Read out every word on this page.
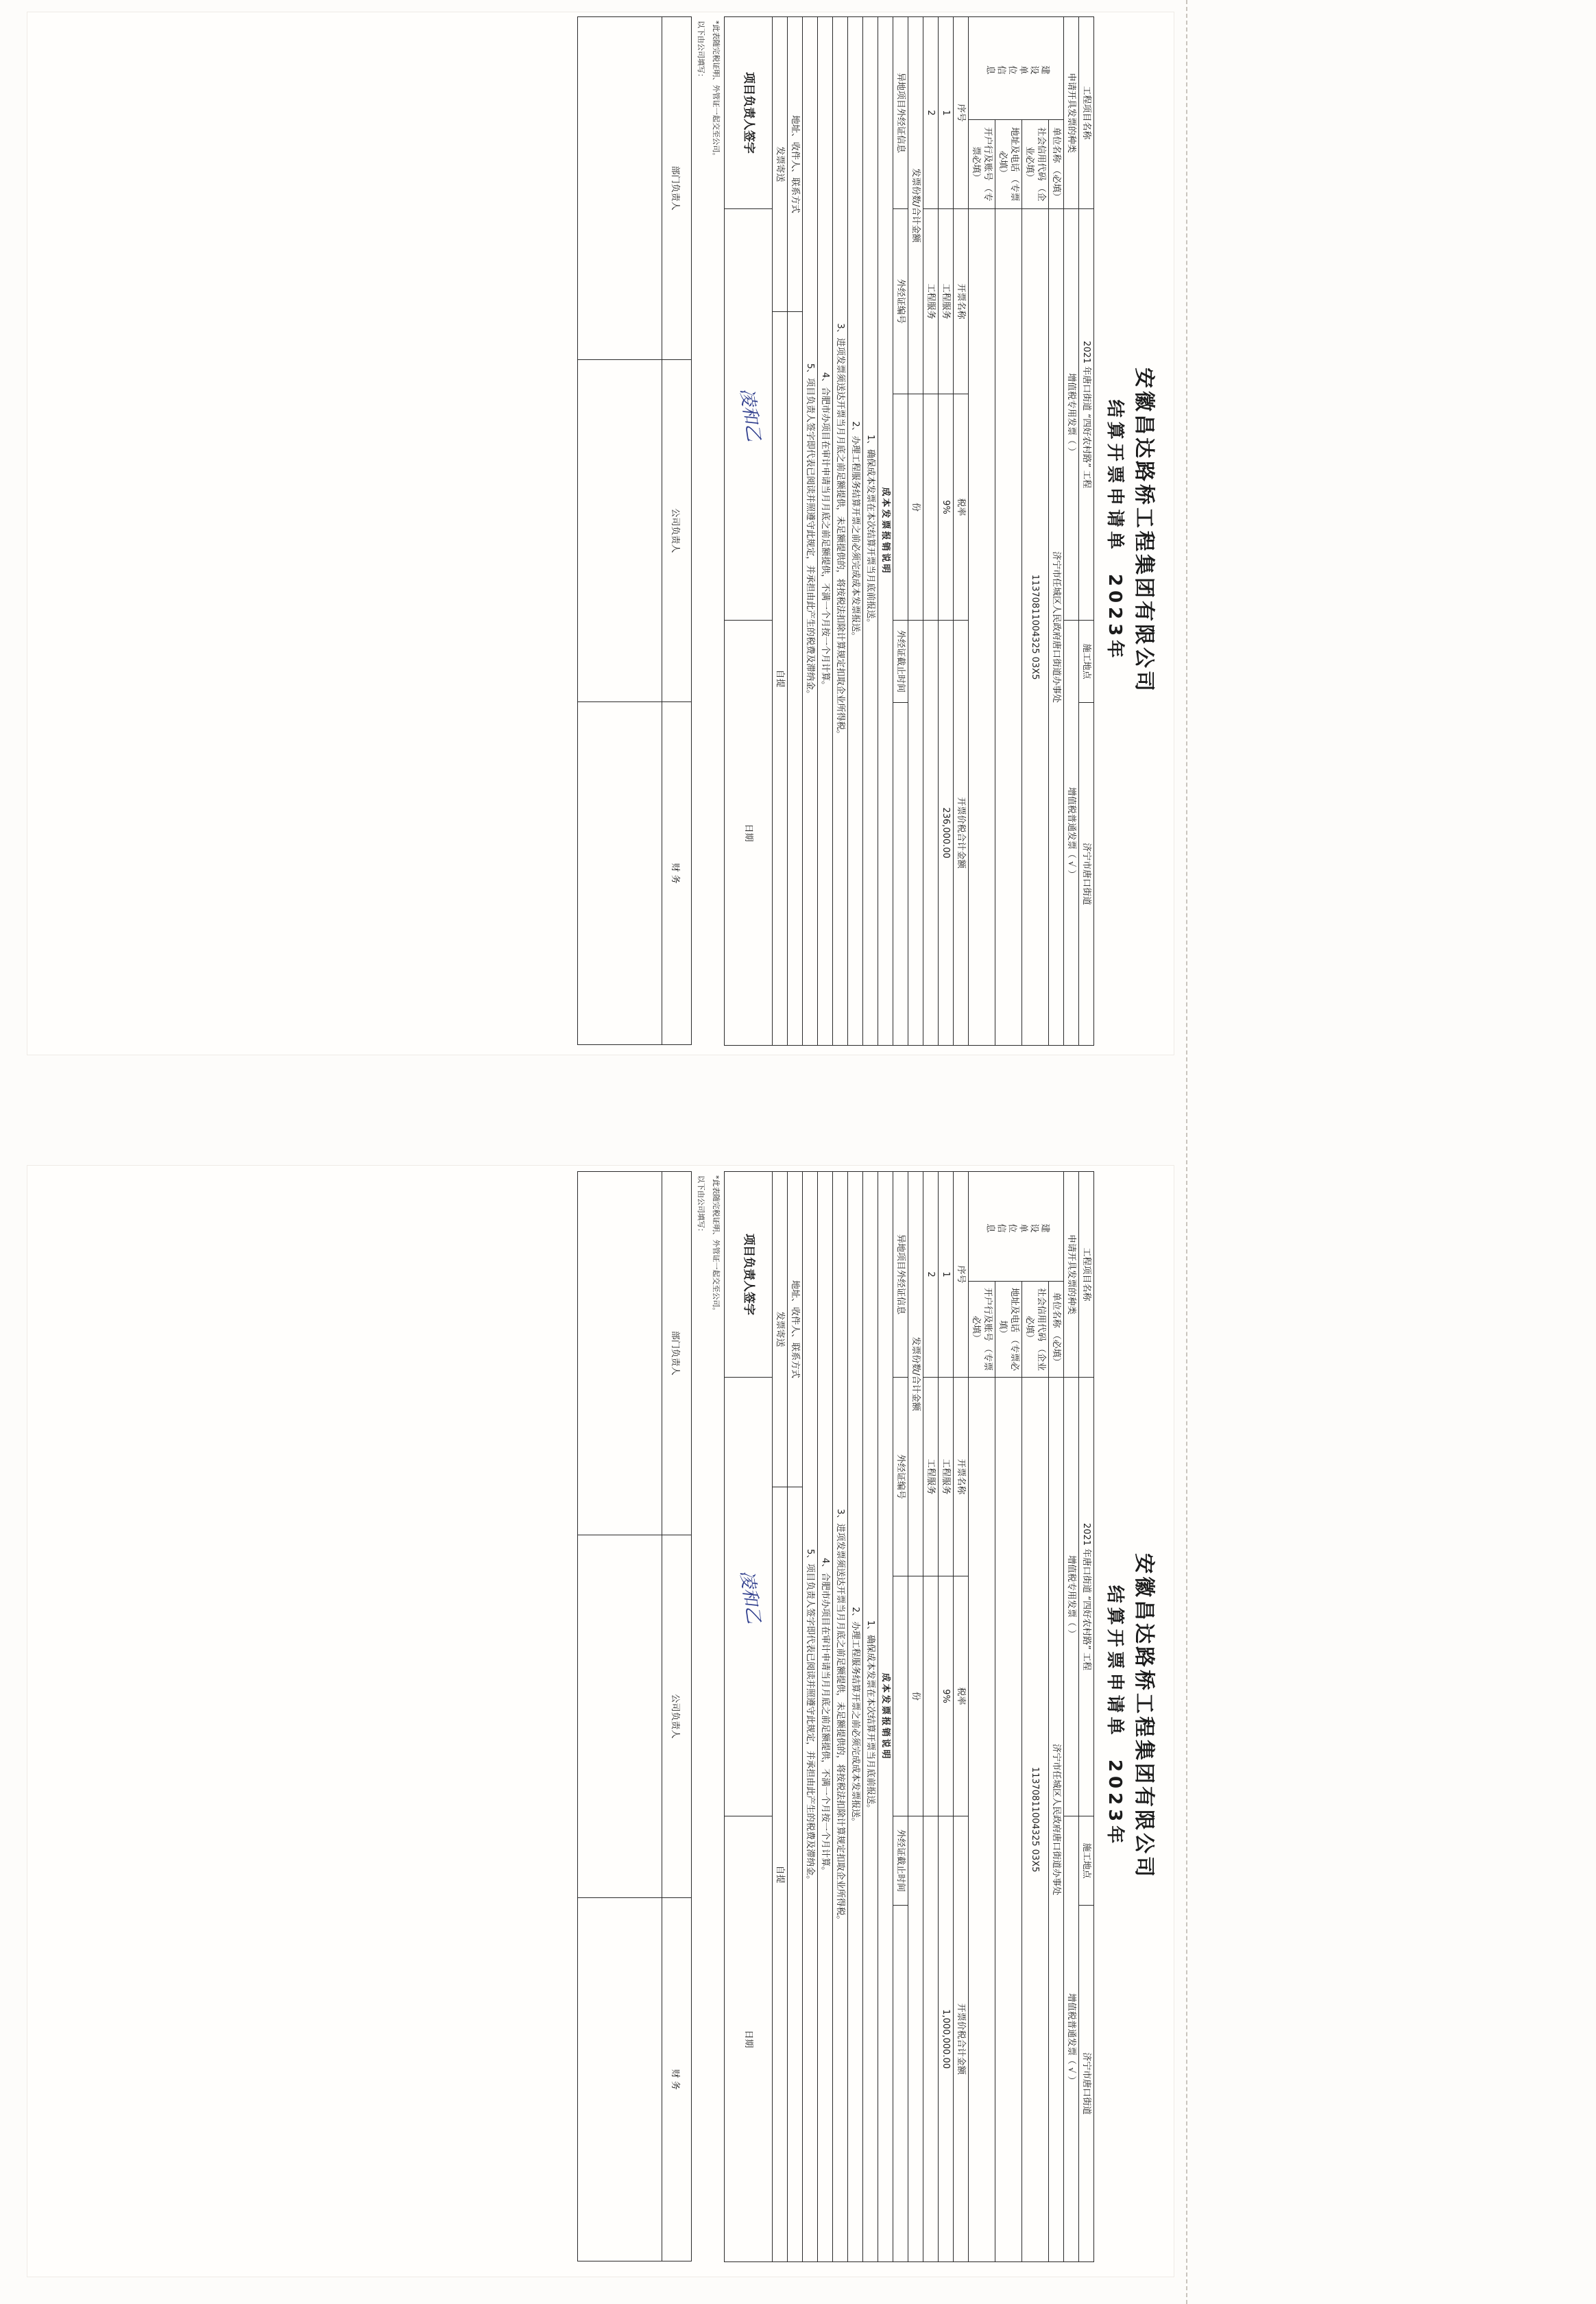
安徽昌达路桥工程集团有限公司
结算开票申请单  2023年
工程项目名称		2021 年唐口街道 “四好农村路” 工程			施工地点	济宁市唐口街道
申请开具发票的种类		增值税专用发票（ ）			增值税普通发票（ √ ）	
建设单位信息	单位名称 （必填）	济宁市任城区人民政府唐口街道办事处				
	社会信用代码 （企业必填）	11370811004325 03X5				
	地址及电话 （专票必填）					
	开户行及账号 （专票必填）					
序号		开票名称		税率	开票价税合计金额	
1		工程服务		9%	236,000.00	
2		工程服务				
发票份数/合计金额				份		
异地项目外经证信息		外经证编号			外经证截止时间	
成本发票报销说明						
1、确保成本发票在本次结算开票当月底前报送。						
2、办理工程服务结算开票之前必须完成成本发票报送。						
3、进项发票须送达开票当月月底之前足额提供，未足额提供的，将按税法扣除计算规定扣取企业所得税。						
4、合肥市办项目在审计申请当月月底之前足额提供，不满一个月按一个月计算。						
5、项目负责人签字即代表已阅读并照遵守此规定，并承担由此产生的税费及滞纳金。						
地址、收件人、联系方式						
发票寄送			自提			
项目负责人签字		凌和乙			日期	
*此表随完税证明、外管证一起交至公司。
以下由公司填写：
部门负责人	公司负责人	财 务

安徽昌达路桥工程集团有限公司
结算开票申请单  2023年
工程项目名称		2021 年唐口街道 “四好农村路” 工程			施工地点	济宁市唐口街道
申请开具发票的种类		增值税专用发票（ ）			增值税普通发票（ √ ）	
建设单位信息	单位名称 （必填）	济宁市任城区人民政府唐口街道办事处				
	社会信用代码 （企业必填）	11370811004325 03X5				
	地址及电话 （专票必填）					
	开户行及账号 （专票必填）					
序号		开票名称		税率	开票价税合计金额	
1		工程服务		9%	1,000,000.00	
2		工程服务				
发票份数/合计金额				份		
异地项目外经证信息		外经证编号			外经证截止时间	
成本发票报销说明						
1、确保成本发票在本次结算开票当月底前报送。						
2、办理工程服务结算开票之前必须完成成本发票报送。						
3、进项发票须送达开票当月月底之前足额提供，未足额提供的，将按税法扣除计算规定扣取企业所得税。						
4、合肥市办项目在审计申请当月月底之前足额提供，不满一个月按一个月计算。						
5、项目负责人签字即代表已阅读并照遵守此规定，并承担由此产生的税费及滞纳金。						
地址、收件人、联系方式						
发票寄送			自提			
项目负责人签字		凌和乙			日期	
*此表随完税证明、外管证一起交至公司。
以下由公司填写：
部门负责人	公司负责人	财 务
